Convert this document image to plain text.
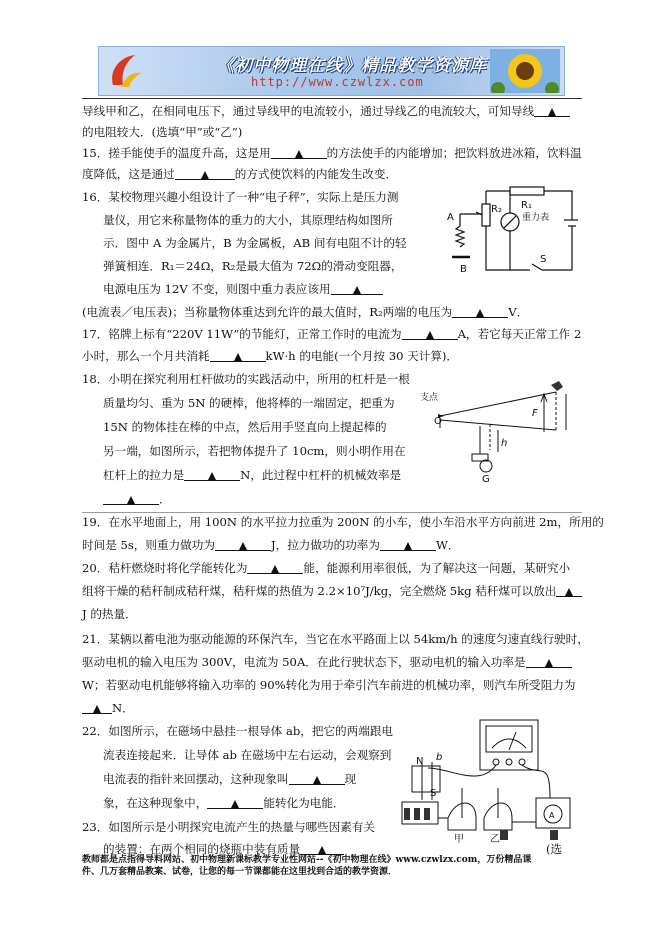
《初中物理在线》精品教学资源库
http://www.czwlzx.com
导线甲和乙，在相同电压下，通过导线甲的电流较小，通过导线乙的电流较大，可知导线
的电阻较大．(选填“甲”或“乙”)
15．搓手能使手的温度升高，这是用	的方法使手的内能增加；把饮料放进冰箱，饮料温
度降低，这是通过	的方式使饮料的内能发生改变．
16．某校物理兴趣小组设计了一种“电子秤”，实际上是压力测
量仪，用它来称量物体的重力的大小，其原理结构如图所
示．图中 A 为金属片，B 为金属板，AB 间有电阻不计的轻
弹簧相连．R₁＝24Ω，R₂是最大值为 72Ω的滑动变阻器，
电源电压为 12V 不变，则图中重力表应该用
(电流表／电压表)；当称量物体重达到允许的最大值时，R₂两端的电压为	V．
R₁
R₂
重力表
A
B
S
17．铭牌上标有“220V 11W”的节能灯，正常工作时的电流为	A，若它每天正常工作 2
小时，那么一个月共消耗	kW·h 的电能(一个月按 30 天计算)．
18．小明在探究利用杠杆做功的实践活动中，所用的杠杆是一根
质量均匀、重为 5N 的硬棒，他将棒的一端固定，把重为
15N 的物体挂在棒的中点，然后用手竖直向上提起棒的
另一端，如图所示，若把物体提升了 10cm，则小明作用在
杠杆上的拉力是	N，此过程中杠杆的机械效率是
．
支点
O
F
h
G
19．在水平地面上，用 100N 的水平拉力拉重为 200N 的小车，使小车沿水平方向前进 2m，所用的
时间是 5s，则重力做功为	J，拉力做功的功率为	W．
20．秸杆燃烧时将化学能转化为	能，能源利用率很低，为了解决这一问题，某研究小
组将干燥的秸秆制成秸秆煤，秸秆煤的热值为 2.2×10⁷J/kg，完全燃烧 5kg 秸秆煤可以放出
J 的热量．
21．某辆以蓄电池为驱动能源的环保汽车，当它在水平路面上以 54km/h 的速度匀速直线行驶时，
驱动电机的输入电压为 300V，电流为 50A．在此行驶状态下，驱动电机的输入功率是
W；若驱动电机能够将输入功率的 90%转化为用于牵引汽车前进的机械功率，则汽车所受阻力为
N．
22．如图所示，在磁场中悬挂一根导体 ab，把它的两端跟电
流表连接起来．让导体 ab 在磁场中左右运动，会观察到
电流表的指针来回摆动，这种现象叫	现
象，在这种现象中，	能转化为电能．
23．如图所示是小明探究电流产生的热量与哪些因素有关
的装置：在两个相同的烧瓶中装有质量	(选
N
S
b
甲	乙
A
教师都是点指得导料网站、初中物理新课标教学专业性网站--《初中物理在线》www.czwlzx.com，万份精品课
件、几万套精品教案、试卷，让您的每一节课都能在这里找到合适的教学资源．
